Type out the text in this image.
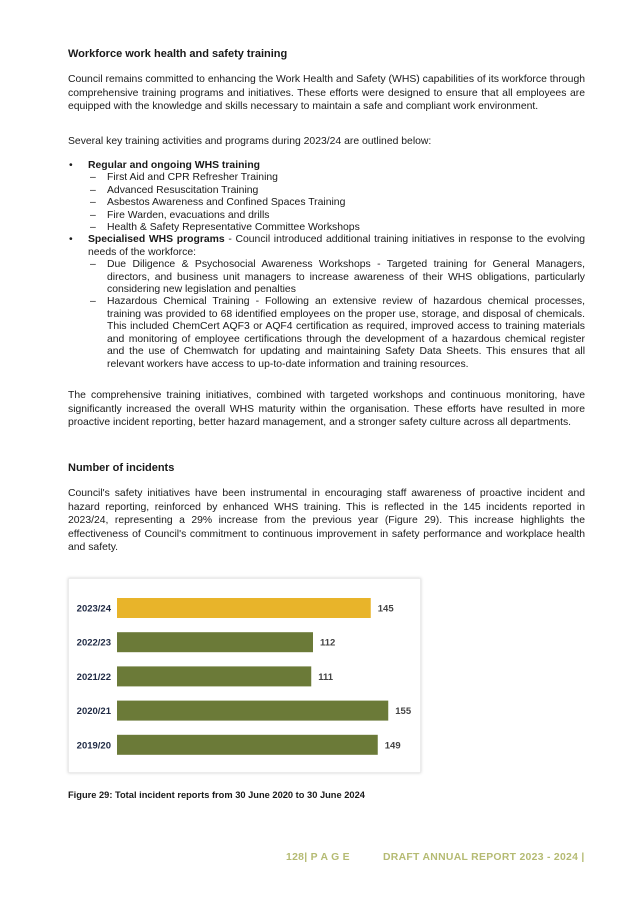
Workforce work health and safety training

Council remains committed to enhancing the Work Health and Safety (WHS) capabilities of its workforce through comprehensive training programs and initiatives. These efforts were designed to ensure that all employees are equipped with the knowledge and skills necessary to maintain a safe and compliant work environment.

Several key training activities and programs during 2023/24 are outlined below:

• Regular and ongoing WHS training
– First Aid and CPR Refresher Training
– Advanced Resuscitation Training
– Asbestos Awareness and Confined Spaces Training
– Fire Warden, evacuations and drills
– Health & Safety Representative Committee Workshops
• Specialised WHS programs - Council introduced additional training initiatives in response to the evolving needs of the workforce:
– Due Diligence & Psychosocial Awareness Workshops - Targeted training for General Managers, directors, and business unit managers to increase awareness of their WHS obligations, particularly considering new legislation and penalties
– Hazardous Chemical Training - Following an extensive review of hazardous chemical processes, training was provided to 68 identified employees on the proper use, storage, and disposal of chemicals. This included ChemCert AQF3 or AQF4 certification as required, improved access to training materials and monitoring of employee certifications through the development of a hazardous chemical register and the use of Chemwatch for updating and maintaining Safety Data Sheets. This ensures that all relevant workers have access to up-to-date information and training resources.

The comprehensive training initiatives, combined with targeted workshops and continuous monitoring, have significantly increased the overall WHS maturity within the organisation. These efforts have resulted in more proactive incident reporting, better hazard management, and a stronger safety culture across all departments.

Number of incidents

Council's safety initiatives have been instrumental in encouraging staff awareness of proactive incident and hazard reporting, reinforced by enhanced WHS training. This is reflected in the 145 incidents reported in 2023/24, representing a 29% increase from the previous year (Figure 29). This increase highlights the effectiveness of Council's commitment to continuous improvement in safety performance and workplace health and safety.

2023/24	145
2022/23	112
2021/22	111
2020/21	155
2019/20	149
Figure 29: Total incident reports from 30 June 2020 to 30 June 2024
128| P A G E	DRAFT ANNUAL REPORT 2023 - 2024 |
